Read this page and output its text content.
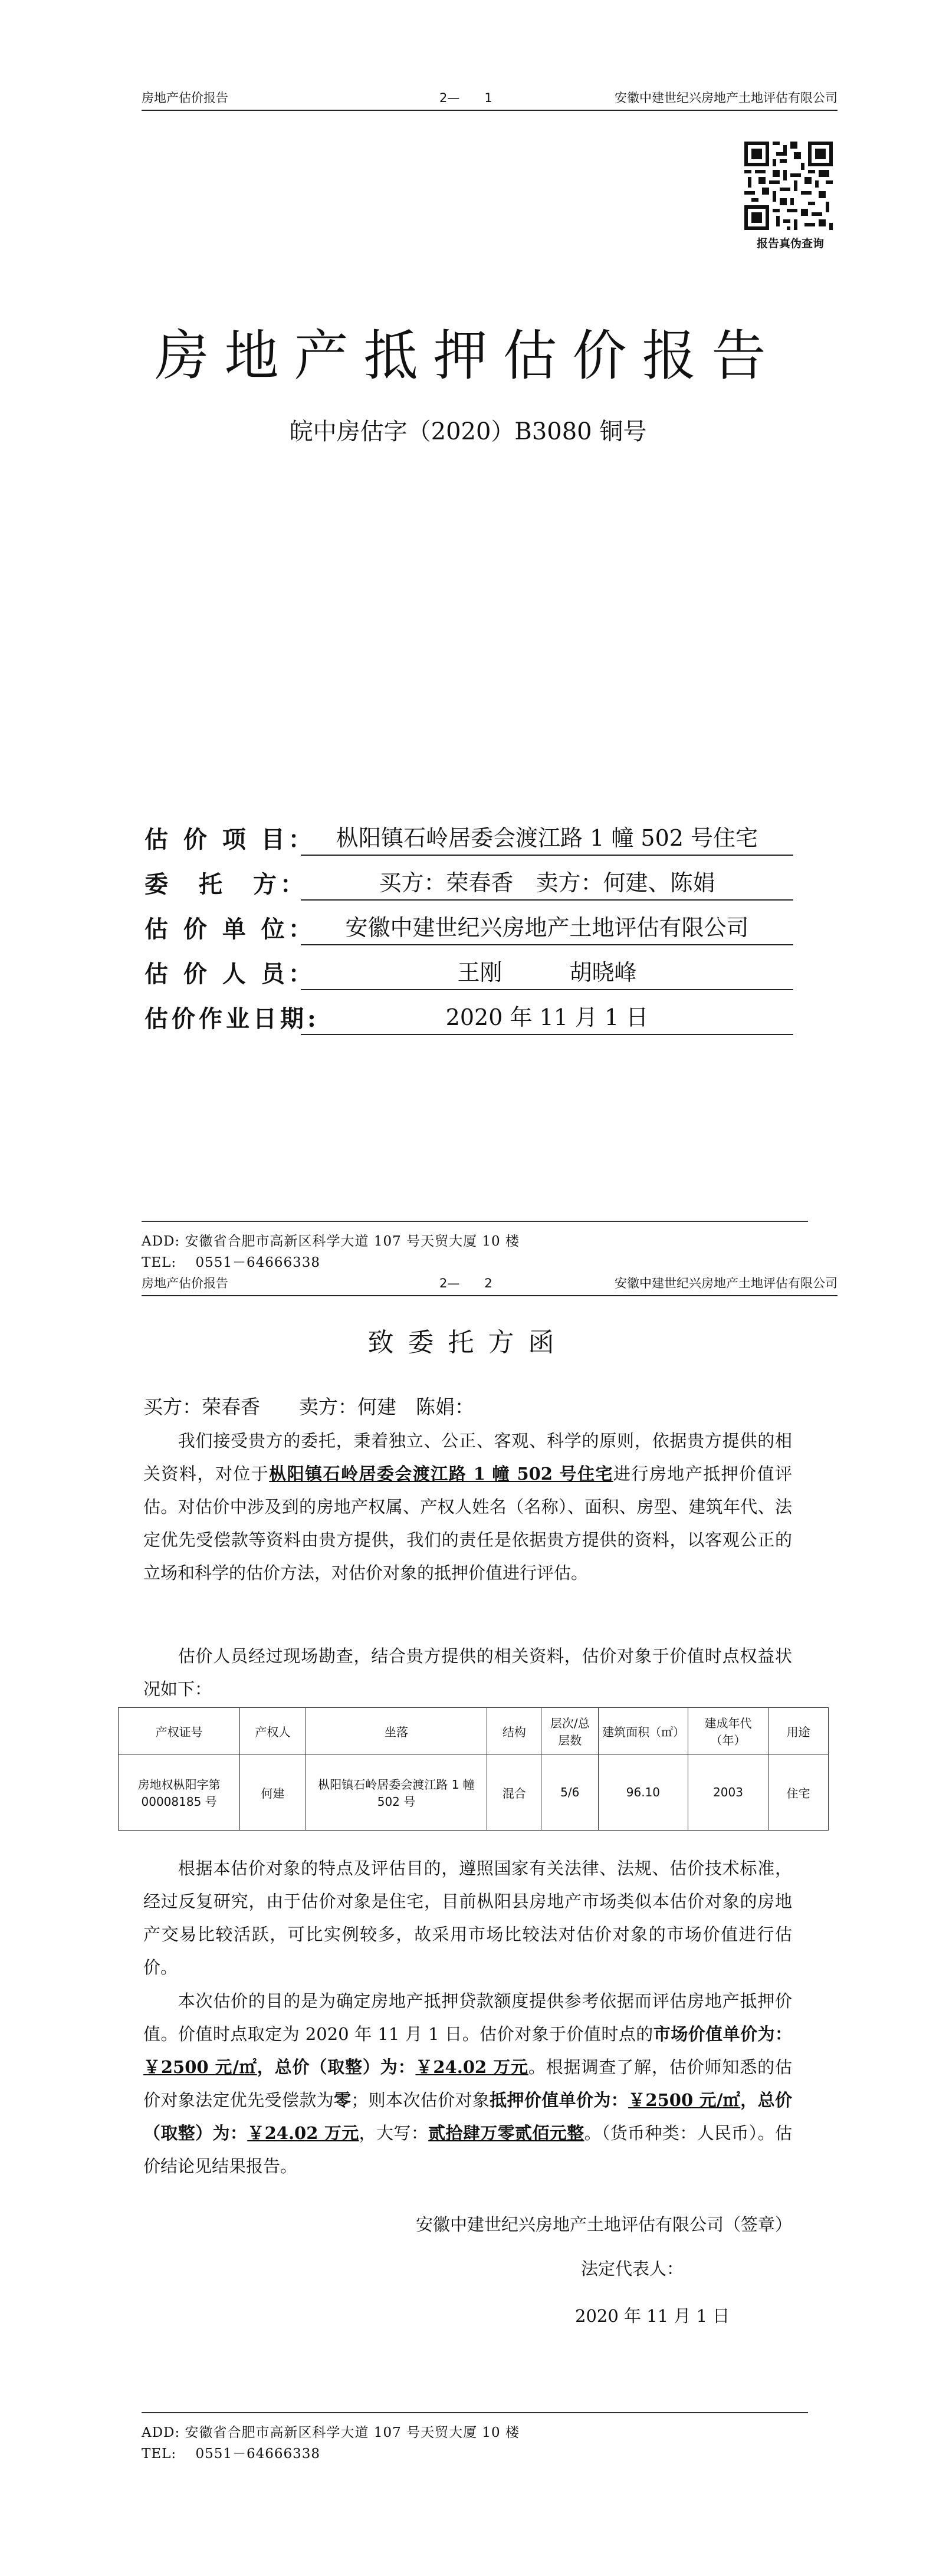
房地产估价报告	2—　　1	安徽中建世纪兴房地产土地评估有限公司
报告真伪查询
房地产抵押估价报告
皖中房估字（2020）B3080 铜号
估 价 项 目： 枞阳镇石岭居委会渡江路 1 幢 502 号住宅
委　托　方：	买方：荣春香　卖方：何建、陈娟
估 价 单 位：	安徽中建世纪兴房地产土地评估有限公司
估 价 人 员：	王刚　　　胡晓峰
估价作业日期:	2020 年 11 月 1 日
ADD: 安徽省合肥市高新区科学大道 107 号天贸大厦 10 楼
TEL:　 0551－64666338
房地产估价报告	2—　　2	安徽中建世纪兴房地产土地评估有限公司
致委托方函
买方：荣春香　　卖方：何建　陈娟：
我们接受贵方的委托，秉着独立、公正、客观、科学的原则，依据贵方提供的相关资料，对位于枞阳镇石岭居委会渡江路 1 幢 502 号住宅进行房地产抵押价值评估。对估价中涉及到的房地产权属、产权人姓名（名称）、面积、房型、建筑年代、法定优先受偿款等资料由贵方提供，我们的责任是依据贵方提供的资料，以客观公正的立场和科学的估价方法，对估价对象的抵押价值进行评估。
估价人员经过现场勘查，结合贵方提供的相关资料，估价对象于价值时点权益状况如下：
产权证号	产权人	坐落	结构	层次/总层数	建筑面积（㎡）	建成年代（年）	用途
房地权枞阳字第00008185 号	何建	枞阳镇石岭居委会渡江路 1 幢 502 号	混合	5/6	96.10	2003	住宅
根据本估价对象的特点及评估目的，遵照国家有关法律、法规、估价技术标准，经过反复研究，由于估价对象是住宅，目前枞阳县房地产市场类似本估价对象的房地产交易比较活跃，可比实例较多，故采用市场比较法对估价对象的市场价值进行估价。
本次估价的目的是为确定房地产抵押贷款额度提供参考依据而评估房地产抵押价值。价值时点取定为 2020 年 11 月 1 日。估价对象于价值时点的市场价值单价为：￥2500 元/㎡，总价（取整）为：￥24.02 万元。根据调查了解，估价师知悉的估价对象法定优先受偿款为零；则本次估价对象抵押价值单价为：￥2500 元/㎡，总价（取整）为：￥24.02 万元，大写：贰拾肆万零贰佰元整。（货币种类：人民币）。估价结论见结果报告。
安徽中建世纪兴房地产土地评估有限公司（签章）
法定代表人：
2020 年 11 月 1 日
ADD: 安徽省合肥市高新区科学大道 107 号天贸大厦 10 楼
TEL:　 0551－64666338
